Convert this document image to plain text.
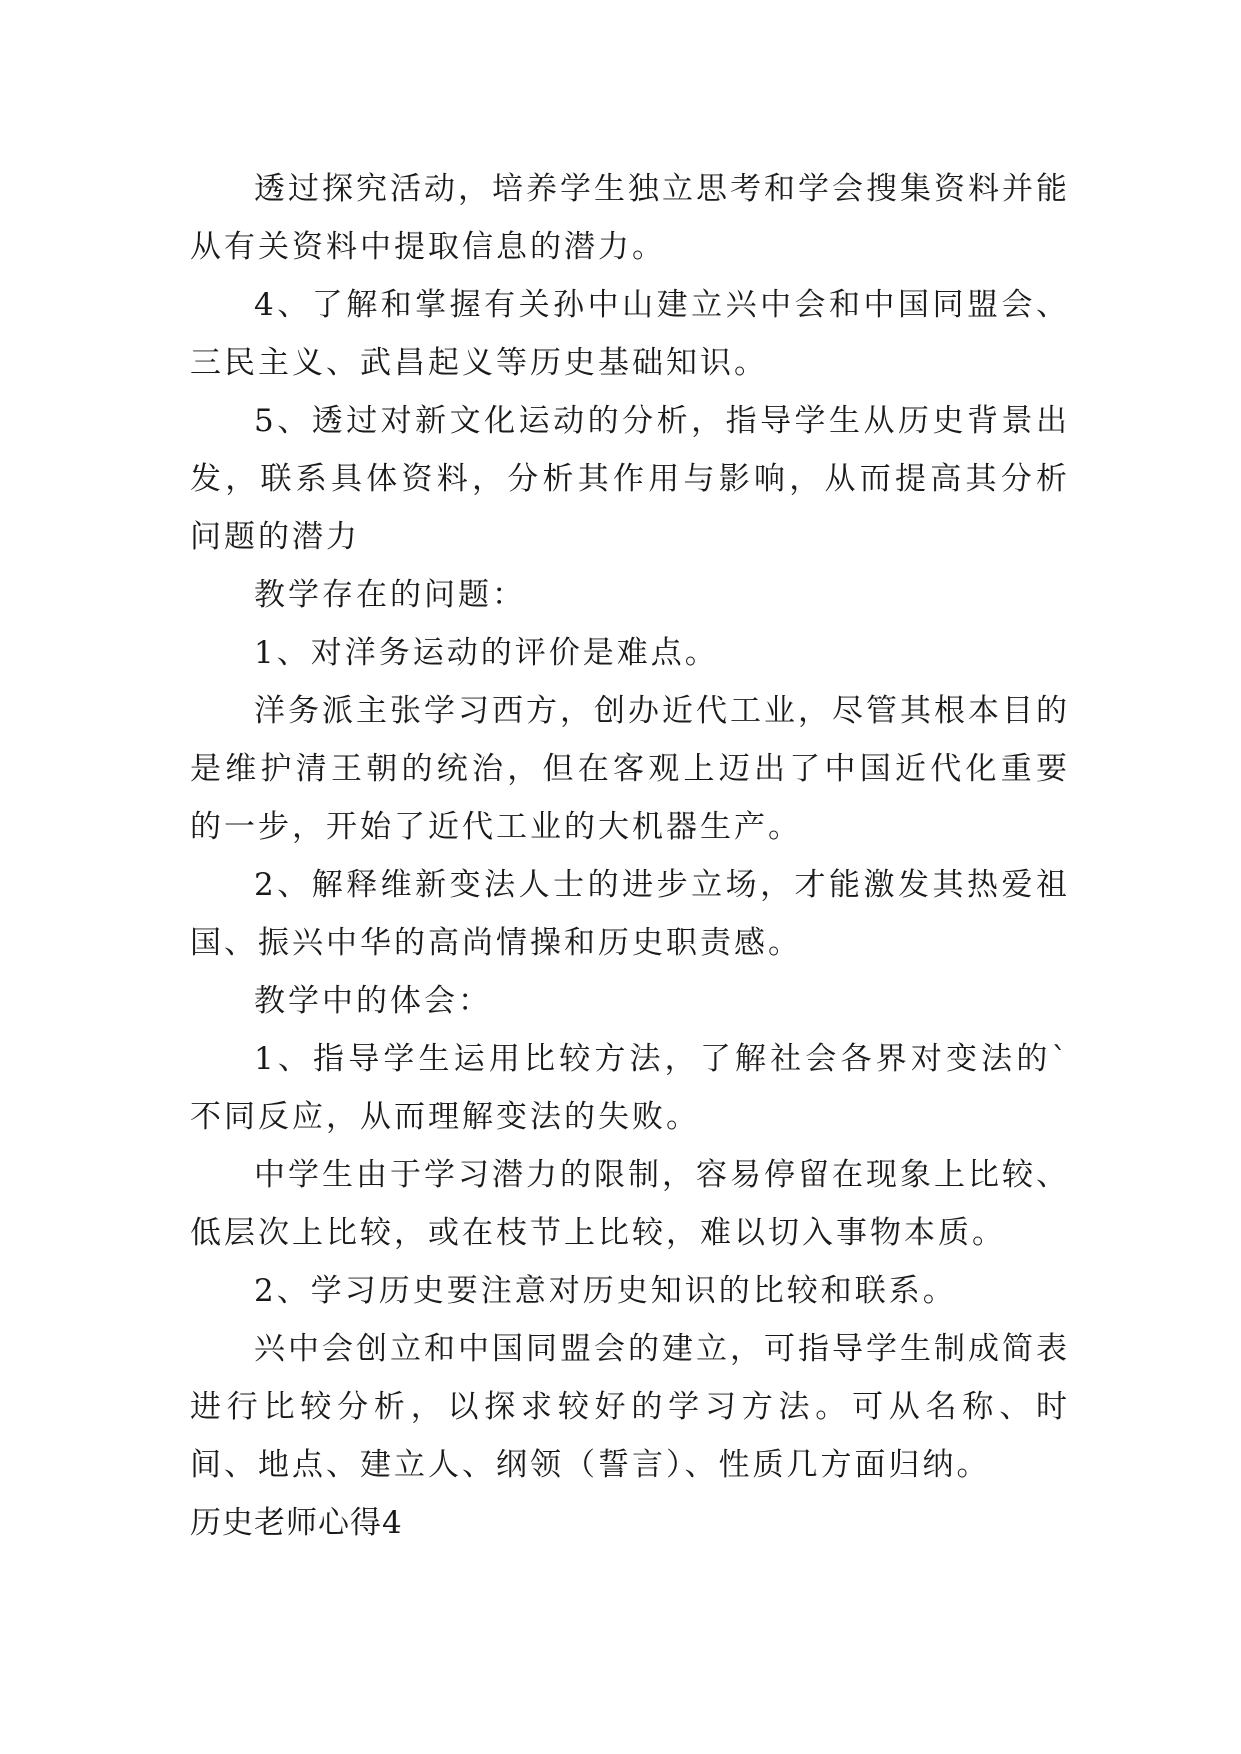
透过探究活动，培养学生独立思考和学会搜集资料并能从有关资料中提取信息的潜力。

4、了解和掌握有关孙中山建立兴中会和中国同盟会、三民主义、武昌起义等历史基础知识。

5、透过对新文化运动的分析，指导学生从历史背景出发，联系具体资料，分析其作用与影响，从而提高其分析问题的潜力

教学存在的问题：

1、对洋务运动的评价是难点。

洋务派主张学习西方，创办近代工业，尽管其根本目的是维护清王朝的统治，但在客观上迈出了中国近代化重要的一步，开始了近代工业的大机器生产。

2、解释维新变法人士的进步立场，才能激发其热爱祖国、振兴中华的高尚情操和历史职责感。

教学中的体会：

1、指导学生运用比较方法，了解社会各界对变法的`不同反应，从而理解变法的失败。

中学生由于学习潜力的限制，容易停留在现象上比较、低层次上比较，或在枝节上比较，难以切入事物本质。

2、学习历史要注意对历史知识的比较和联系。

兴中会创立和中国同盟会的建立，可指导学生制成简表进行比较分析，以探求较好的学习方法。可从名称、时间、地点、建立人、纲领（誓言）、性质几方面归纳。

历史老师心得4
